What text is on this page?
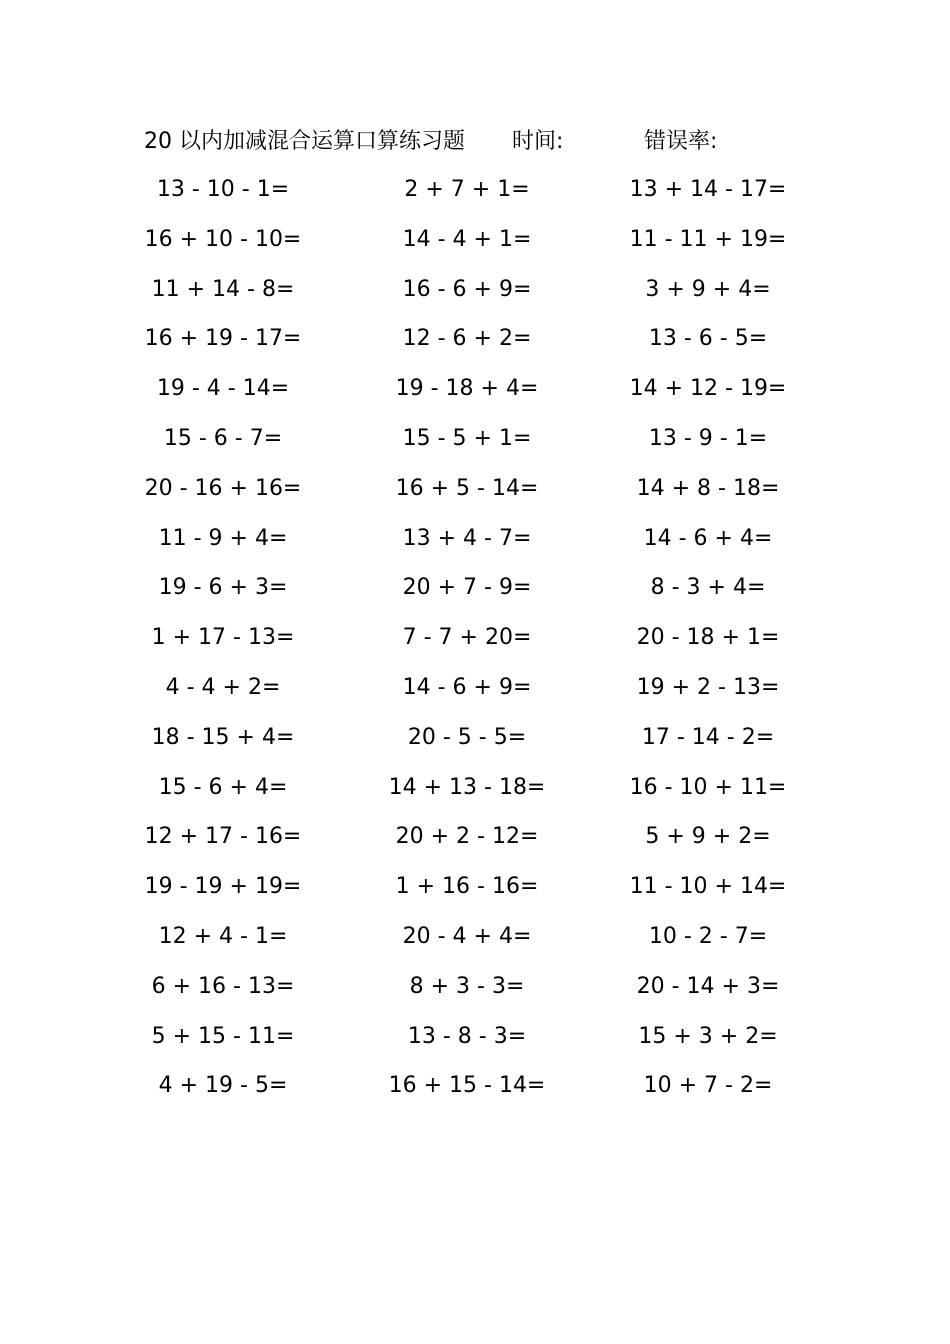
20 以内加减混合运算口算练习题 时间:	错误率:
13 - 10 - 1=	2 + 7 + 1=	13 + 14 - 17=
16 + 10 - 10=	14 - 4 + 1=	11 - 11 + 19=
11 + 14 - 8=	16 - 6 + 9=	3 + 9 + 4=
16 + 19 - 17=	12 - 6 + 2=	13 - 6 - 5=
19 - 4 - 14=	19 - 18 + 4=	14 + 12 - 19=
15 - 6 - 7=	15 - 5 + 1=	13 - 9 - 1=
20 - 16 + 16=	16 + 5 - 14=	14 + 8 - 18=
11 - 9 + 4=	13 + 4 - 7=	14 - 6 + 4=
19 - 6 + 3=	20 + 7 - 9=	8 - 3 + 4=
1 + 17 - 13=	7 - 7 + 20=	20 - 18 + 1=
4 - 4 + 2=	14 - 6 + 9=	19 + 2 - 13=
18 - 15 + 4=	20 - 5 - 5=	17 - 14 - 2=
15 - 6 + 4=	14 + 13 - 18=	16 - 10 + 11=
12 + 17 - 16=	20 + 2 - 12=	5 + 9 + 2=
19 - 19 + 19=	1 + 16 - 16=	11 - 10 + 14=
12 + 4 - 1=	20 - 4 + 4=	10 - 2 - 7=
6 + 16 - 13=	8 + 3 - 3=	20 - 14 + 3=
5 + 15 - 11=	13 - 8 - 3=	15 + 3 + 2=
4 + 19 - 5=	16 + 15 - 14=	10 + 7 - 2=
